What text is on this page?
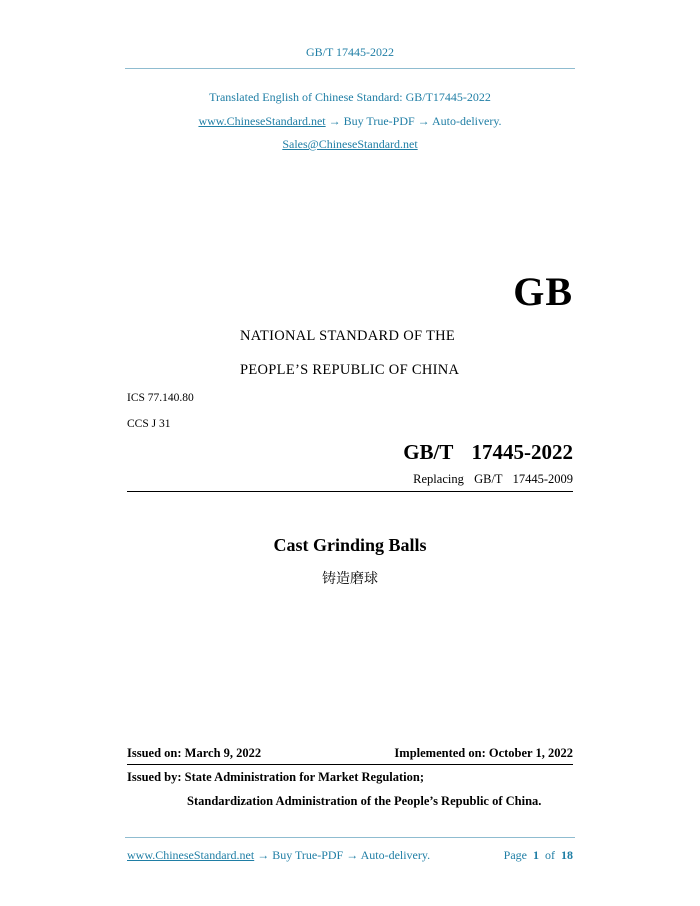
GB/T 17445-2022
Translated English of Chinese Standard: GB/T17445-2022
www.ChineseStandard.net → Buy True-PDF → Auto-delivery.
Sales@ChineseStandard.net
GB
NATIONAL STANDARD OF THE
PEOPLE’S REPUBLIC OF CHINA
ICS 77.140.80
CCS J 31
GB/T  17445-2022
Replacing  GB/T  17445-2009
Cast Grinding Balls
铸造磨球
Issued on: March 9, 2022	Implemented on: October 1, 2022
Issued by: State Administration for Market Regulation;
Standardization Administration of the People’s Republic of China.
www.ChineseStandard.net → Buy True-PDF → Auto-delivery.	Page 1 of 18
